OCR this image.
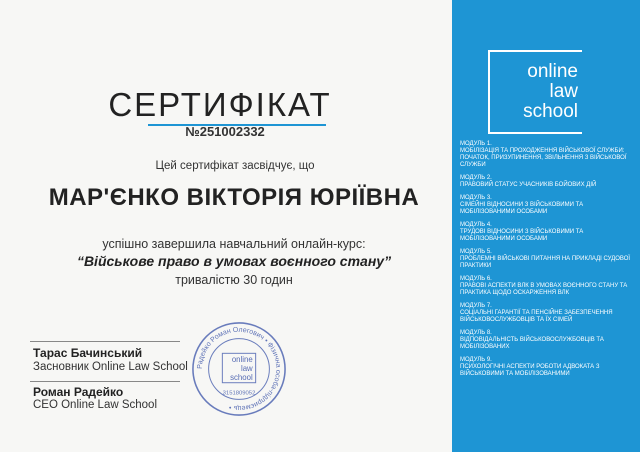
СЕРТИФІКАТ
№251002332
Цей сертифікат засвідчує, що
МАР'ЄНКО ВІКТОРІЯ ЮРІЇВНА
успішно завершила навчальний онлайн-курс:
“Військове право в умовах воєнного стану”
тривалістю 30 годин
Тарас Бачинський
Засновник Online Law School
Роман Радейко
CEO Online Law School
Радейко Роман Олегович • Фізична особа-підприємець •
online
law
school
3151809052
online
law
school
МОДУЛЬ 1.
МОБІЛІЗАЦІЯ ТА ПРОХОДЖЕННЯ ВІЙСЬКОВОЇ СЛУЖБИ: ПОЧАТОК, ПРИЗУПИНЕННЯ, ЗВІЛЬНЕННЯ З ВІЙСЬКОВОЇ СЛУЖБИ
МОДУЛЬ 2.
ПРАВОВИЙ СТАТУС УЧАСНИКІВ БОЙОВИХ ДІЙ
МОДУЛЬ 3.
СІМЕЙНІ ВІДНОСИНИ З ВІЙСЬКОВИМИ ТА МОБІЛІЗОВАНИМИ ОСОБАМИ
МОДУЛЬ 4.
ТРУДОВІ ВІДНОСИНИ З ВІЙСЬКОВИМИ ТА МОБІЛІЗОВАНИМИ ОСОБАМИ
МОДУЛЬ 5.
ПРОБЛЕМНІ ВІЙСЬКОВІ ПИТАННЯ НА ПРИКЛАДІ СУДОВОЇ ПРАКТИКИ
МОДУЛЬ 6.
ПРАВОВІ АСПЕКТИ ВЛК В УМОВАХ ВОЄННОГО СТАНУ ТА ПРАКТИКА ЩОДО ОСКАРЖЕННЯ ВЛК
МОДУЛЬ 7.
СОЦІАЛЬНІ ГАРАНТІЇ ТА ПЕНСІЙНЕ ЗАБЕЗПЕЧЕННЯ ВІЙСЬКОВОСЛУЖБОВЦІВ ТА ЇХ СІМЕЙ
МОДУЛЬ 8.
ВІДПОВІДАЛЬНІСТЬ ВІЙСЬКОВОСЛУЖБОВЦІВ ТА МОБІЛІЗОВАНИХ
МОДУЛЬ 9.
ПСИХОЛОГІЧНІ АСПЕКТИ РОБОТИ АДВОКАТА З ВІЙСЬКОВИМИ ТА МОБІЛІЗОВАНИМИ
